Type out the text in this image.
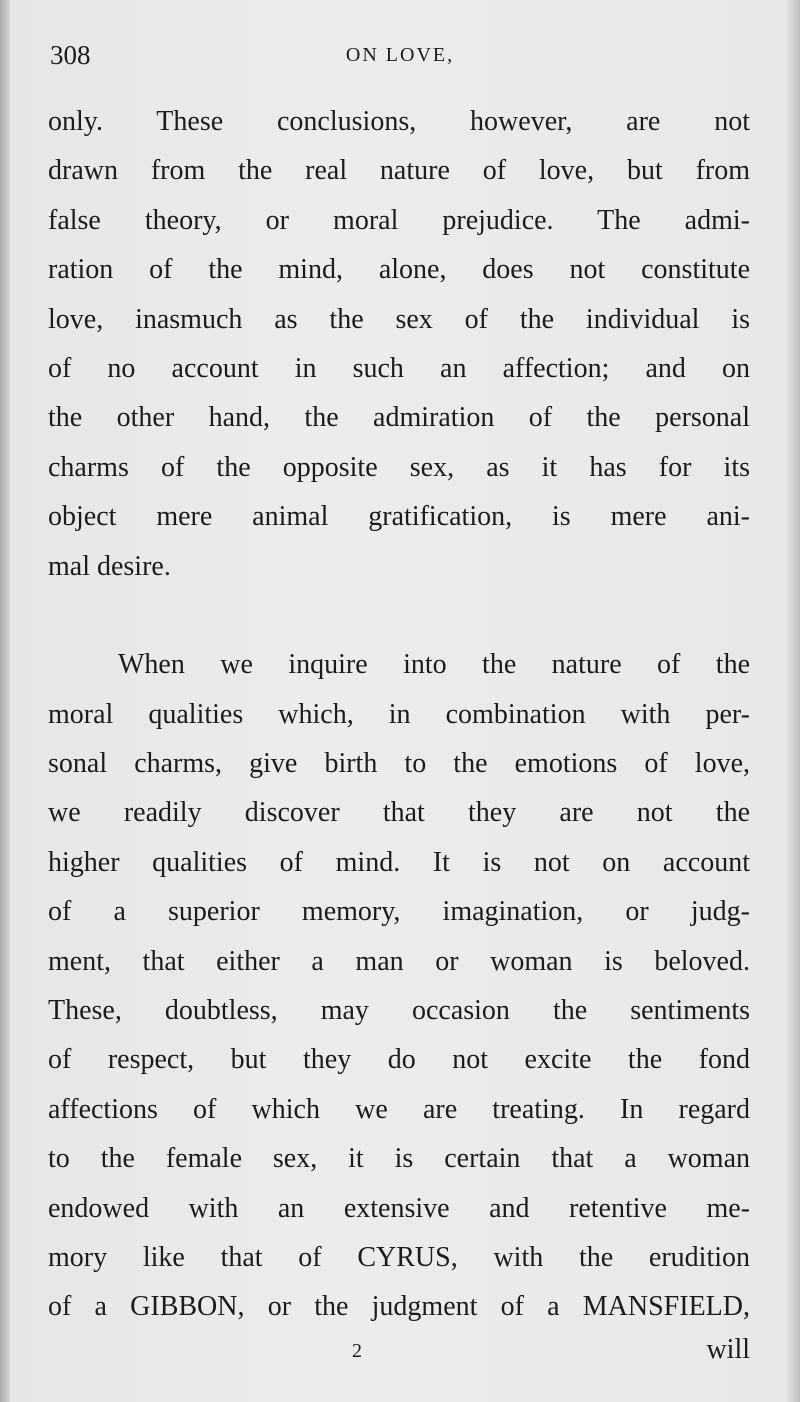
308	ON LOVE,
only. These conclusions, however, are not
drawn from the real nature of love, but from
false theory, or moral prejudice. The admi-
ration of the mind, alone, does not constitute
love, inasmuch as the sex of the individual is
of no account in such an affection; and on
the other hand, the admiration of the personal
charms of the opposite sex, as it has for its
object mere animal gratification, is mere ani-
mal desire.
When we inquire into the nature of the
moral qualities which, in combination with per-
sonal charms, give birth to the emotions of love,
we readily discover that they are not the
higher qualities of mind. It is not on account
of a superior memory, imagination, or judg-
ment, that either a man or woman is beloved.
These, doubtless, may occasion the sentiments
of respect, but they do not excite the fond
affections of which we are treating. In regard
to the female sex, it is certain that a woman
endowed with an extensive and retentive me-
mory like that of CYRUS, with the erudition
of a GIBBON, or the judgment of a MANSFIELD,
2	will
